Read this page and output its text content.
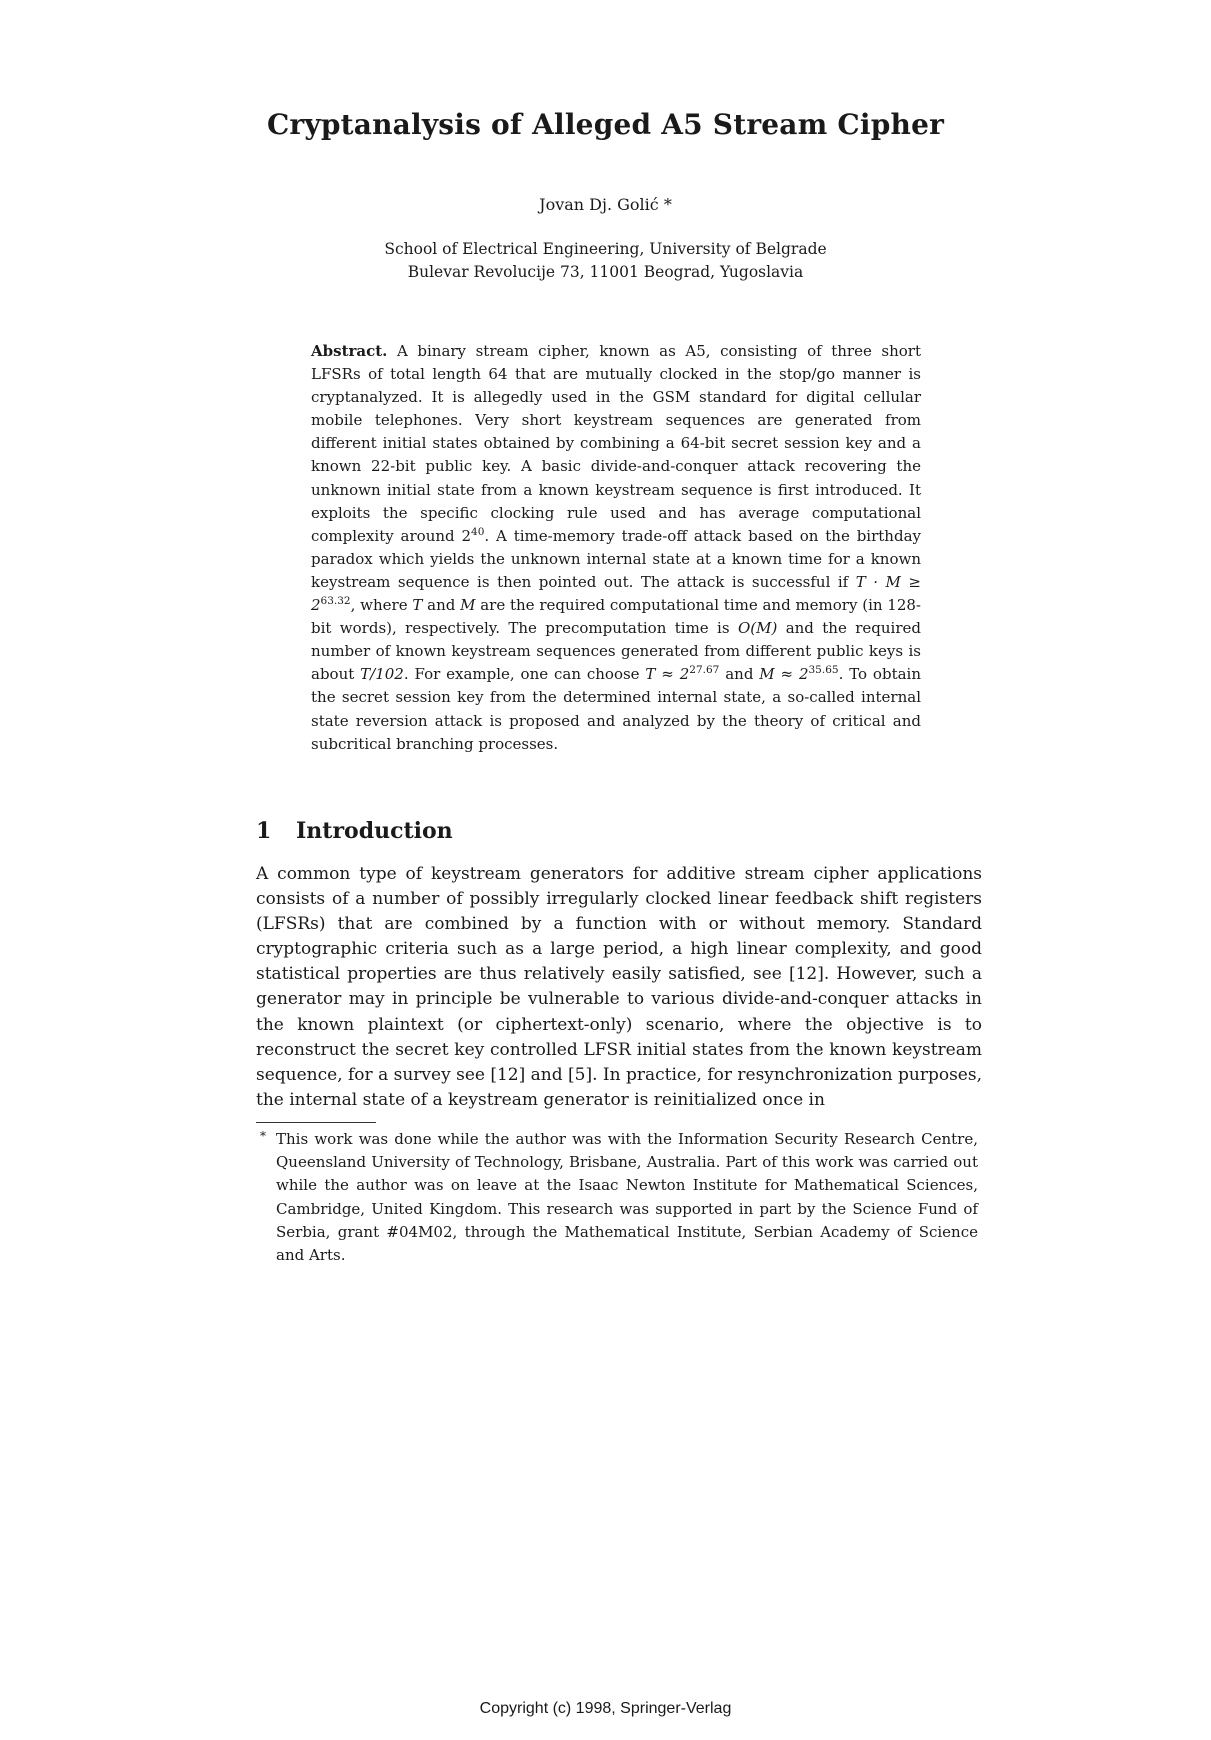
Cryptanalysis of Alleged A5 Stream Cipher
Jovan Dj. Golić *
School of Electrical Engineering, University of Belgrade
Bulevar Revolucije 73, 11001 Beograd, Yugoslavia
Abstract. A binary stream cipher, known as A5, consisting of three short LFSRs of total length 64 that are mutually clocked in the stop/go manner is cryptanalyzed. It is allegedly used in the GSM standard for digital cellular mobile telephones. Very short keystream sequences are generated from different initial states obtained by combining a 64-bit secret session key and a known 22-bit public key. A basic divide-and-conquer attack recovering the unknown initial state from a known keystream sequence is first introduced. It exploits the specific clocking rule used and has average computational complexity around $2^{40}$. A time-memory trade-off attack based on the birthday paradox which yields the unknown internal state at a known time for a known keystream sequence is then pointed out. The attack is successful if $T \cdot M \ge 2^{63.32}$, where T and M are the required computational time and memory (in 128-bit words), respectively. The precomputation time is O(M) and the required number of known keystream sequences generated from different public keys is about T/102. For example, one can choose $T \approx 2^{27.67}$ and $M \approx 2^{35.65}$. To obtain the secret session key from the determined internal state, a so-called internal state reversion attack is proposed and analyzed by the theory of critical and subcritical branching processes.
1 Introduction
A common type of keystream generators for additive stream cipher applications consists of a number of possibly irregularly clocked linear feedback shift registers (LFSRs) that are combined by a function with or without memory. Standard cryptographic criteria such as a large period, a high linear complexity, and good statistical properties are thus relatively easily satisfied, see [12]. However, such a generator may in principle be vulnerable to various divide-and-conquer attacks in the known plaintext (or ciphertext-only) scenario, where the objective is to reconstruct the secret key controlled LFSR initial states from the known keystream sequence, for a survey see [12] and [5]. In practice, for resynchronization purposes, the internal state of a keystream generator is reinitialized once in
* This work was done while the author was with the Information Security Research Centre, Queensland University of Technology, Brisbane, Australia. Part of this work was carried out while the author was on leave at the Isaac Newton Institute for Mathematical Sciences, Cambridge, United Kingdom. This research was supported in part by the Science Fund of Serbia, grant #04M02, through the Mathematical Institute, Serbian Academy of Science and Arts.
Copyright (c) 1998, Springer-Verlag
